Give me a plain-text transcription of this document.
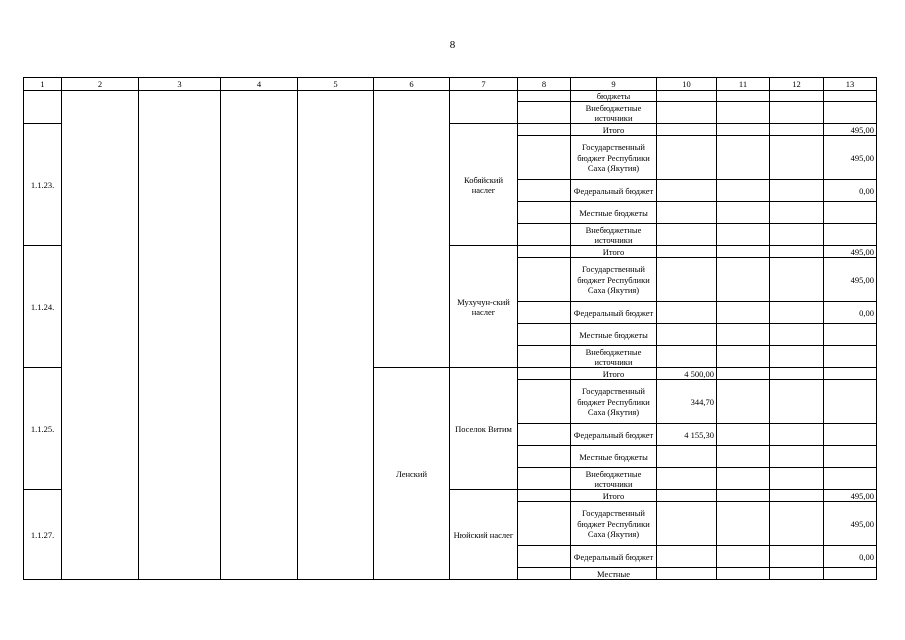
8
1	2	3	4	5	6	7	8	9	10	11	12	13
								бюджеты				
								Внебюджетные источники				
1.1.23.						Кобяйский наслег		Итого				495,00
								Государственный бюджет Республики Саха (Якутия)				495,00
								Федеральный бюджет				0,00
								Местные бюджеты				
								Внебюджетные источники				
1.1.24.						Мухучун-ский наслег		Итого				495,00
								Государственный бюджет Республики Саха (Якутия)				495,00
								Федеральный бюджет				0,00
								Местные бюджеты				
								Внебюджетные источники				
1.1.25.					Ленский	Поселок Витим		Итого	4 500,00			
								Государственный бюджет Республики Саха (Якутия)	344,70			
								Федеральный бюджет	4 155,30			
								Местные бюджеты				
								Внебюджетные источники				
1.1.27.						Нюйский наслег		Итого				495,00
								Государственный бюджет Республики Саха (Якутия)				495,00
								Федеральный бюджет				0,00
								Местные				
